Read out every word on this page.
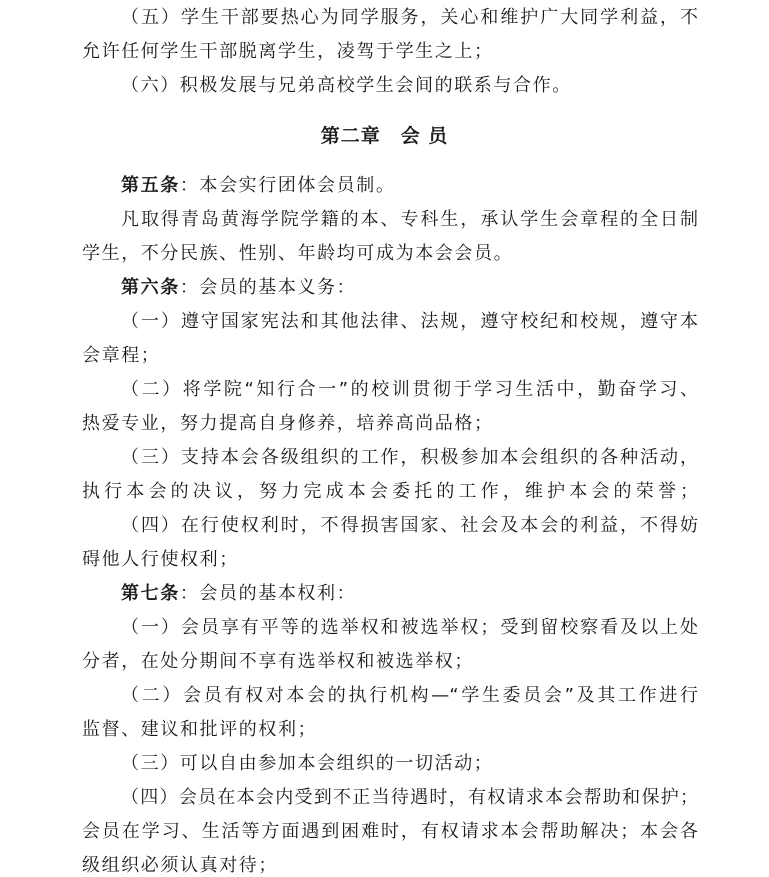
（五）学生干部要热心为同学服务，关心和维护广大同学利益，不
允许任何学生干部脱离学生，凌驾于学生之上；
（六）积极发展与兄弟高校学生会间的联系与合作。
第二章　会 员
第五条：本会实行团体会员制。
凡取得青岛黄海学院学籍的本、专科生，承认学生会章程的全日制
学生，不分民族、性别、年龄均可成为本会会员。
第六条：会员的基本义务：
（一）遵守国家宪法和其他法律、法规，遵守校纪和校规，遵守本
会章程；
（二）将学院“知行合一”的校训贯彻于学习生活中，勤奋学习、
热爱专业，努力提高自身修养，培养高尚品格；
（三）支持本会各级组织的工作，积极参加本会组织的各种活动，
执行本会的决议，努力完成本会委托的工作，维护本会的荣誉；
（四）在行使权利时，不得损害国家、社会及本会的利益，不得妨
碍他人行使权利；
第七条：会员的基本权利：
（一）会员享有平等的选举权和被选举权；受到留校察看及以上处
分者，在处分期间不享有选举权和被选举权；
（二）会员有权对本会的执行机构—“学生委员会”及其工作进行
监督、建议和批评的权利；
（三）可以自由参加本会组织的一切活动；
（四）会员在本会内受到不正当待遇时，有权请求本会帮助和保护；
会员在学习、生活等方面遇到困难时，有权请求本会帮助解决；本会各
级组织必须认真对待；
